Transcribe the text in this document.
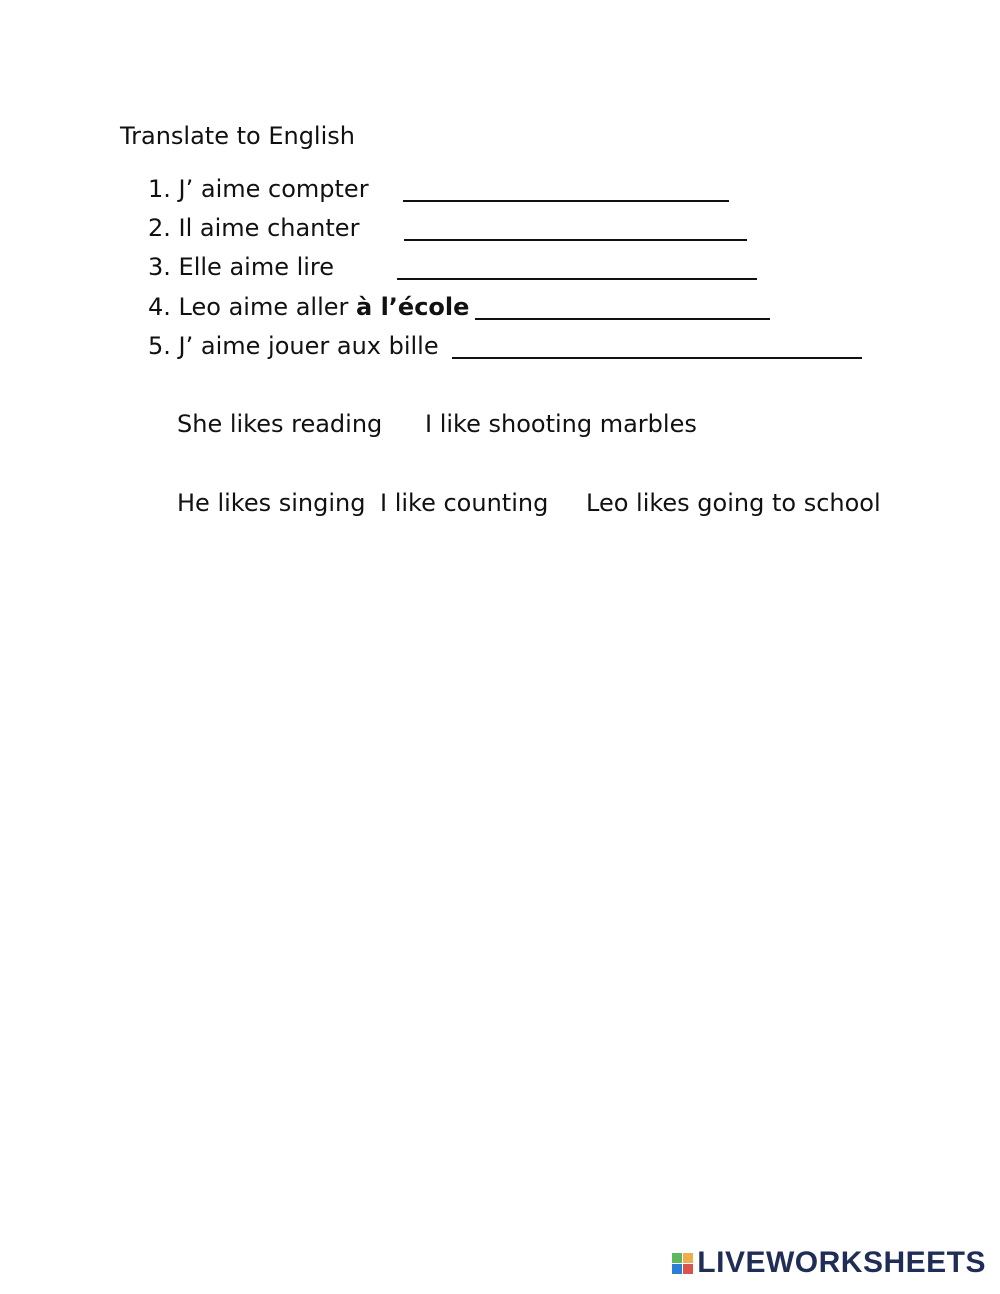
Translate to English
1. J’ aime compter
2. Il aime chanter
3. Elle aime lire
4. Leo aime aller à l’école
5. J’ aime jouer aux bille
She likes reading I like shooting marbles
He likes singing I like counting Leo likes going to school
LIVEWORKSHEETS
